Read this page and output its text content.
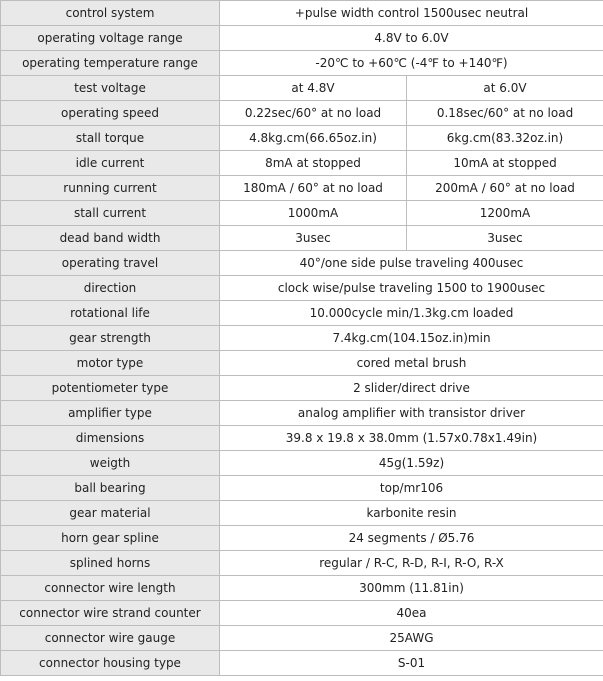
control system	+pulse width control 1500usec neutral	
operating voltage range	4.8V to 6.0V	
operating temperature range	-20℃ to +60℃ (-4℉ to +140℉)	
test voltage	at 4.8V	at 6.0V
operating speed	0.22sec/60° at no load	0.18sec/60° at no load
stall torque	4.8kg.cm(66.65oz.in)	6kg.cm(83.32oz.in)
idle current	8mA at stopped	10mA at stopped
running current	180mA / 60° at no load	200mA / 60° at no load
stall current	1000mA	1200mA
dead band width	3usec	3usec
operating travel	40°/one side pulse traveling 400usec	
direction	clock wise/pulse traveling 1500 to 1900usec	
rotational life	10.000cycle min/1.3kg.cm loaded	
gear strength	7.4kg.cm(104.15oz.in)min	
motor type	cored metal brush	
potentiometer type	2 slider/direct drive	
amplifier type	analog amplifier with transistor driver	
dimensions	39.8 x 19.8 x 38.0mm (1.57x0.78x1.49in)	
weigth	45g(1.59z)	
ball bearing	top/mr106	
gear material	karbonite resin	
horn gear spline	24 segments / Ø5.76	
splined horns	regular / R-C, R-D, R-I, R-O, R-X	
connector wire length	300mm (11.81in)	
connector wire strand counter	40ea	
connector wire gauge	25AWG	
connector housing type	S-01	
